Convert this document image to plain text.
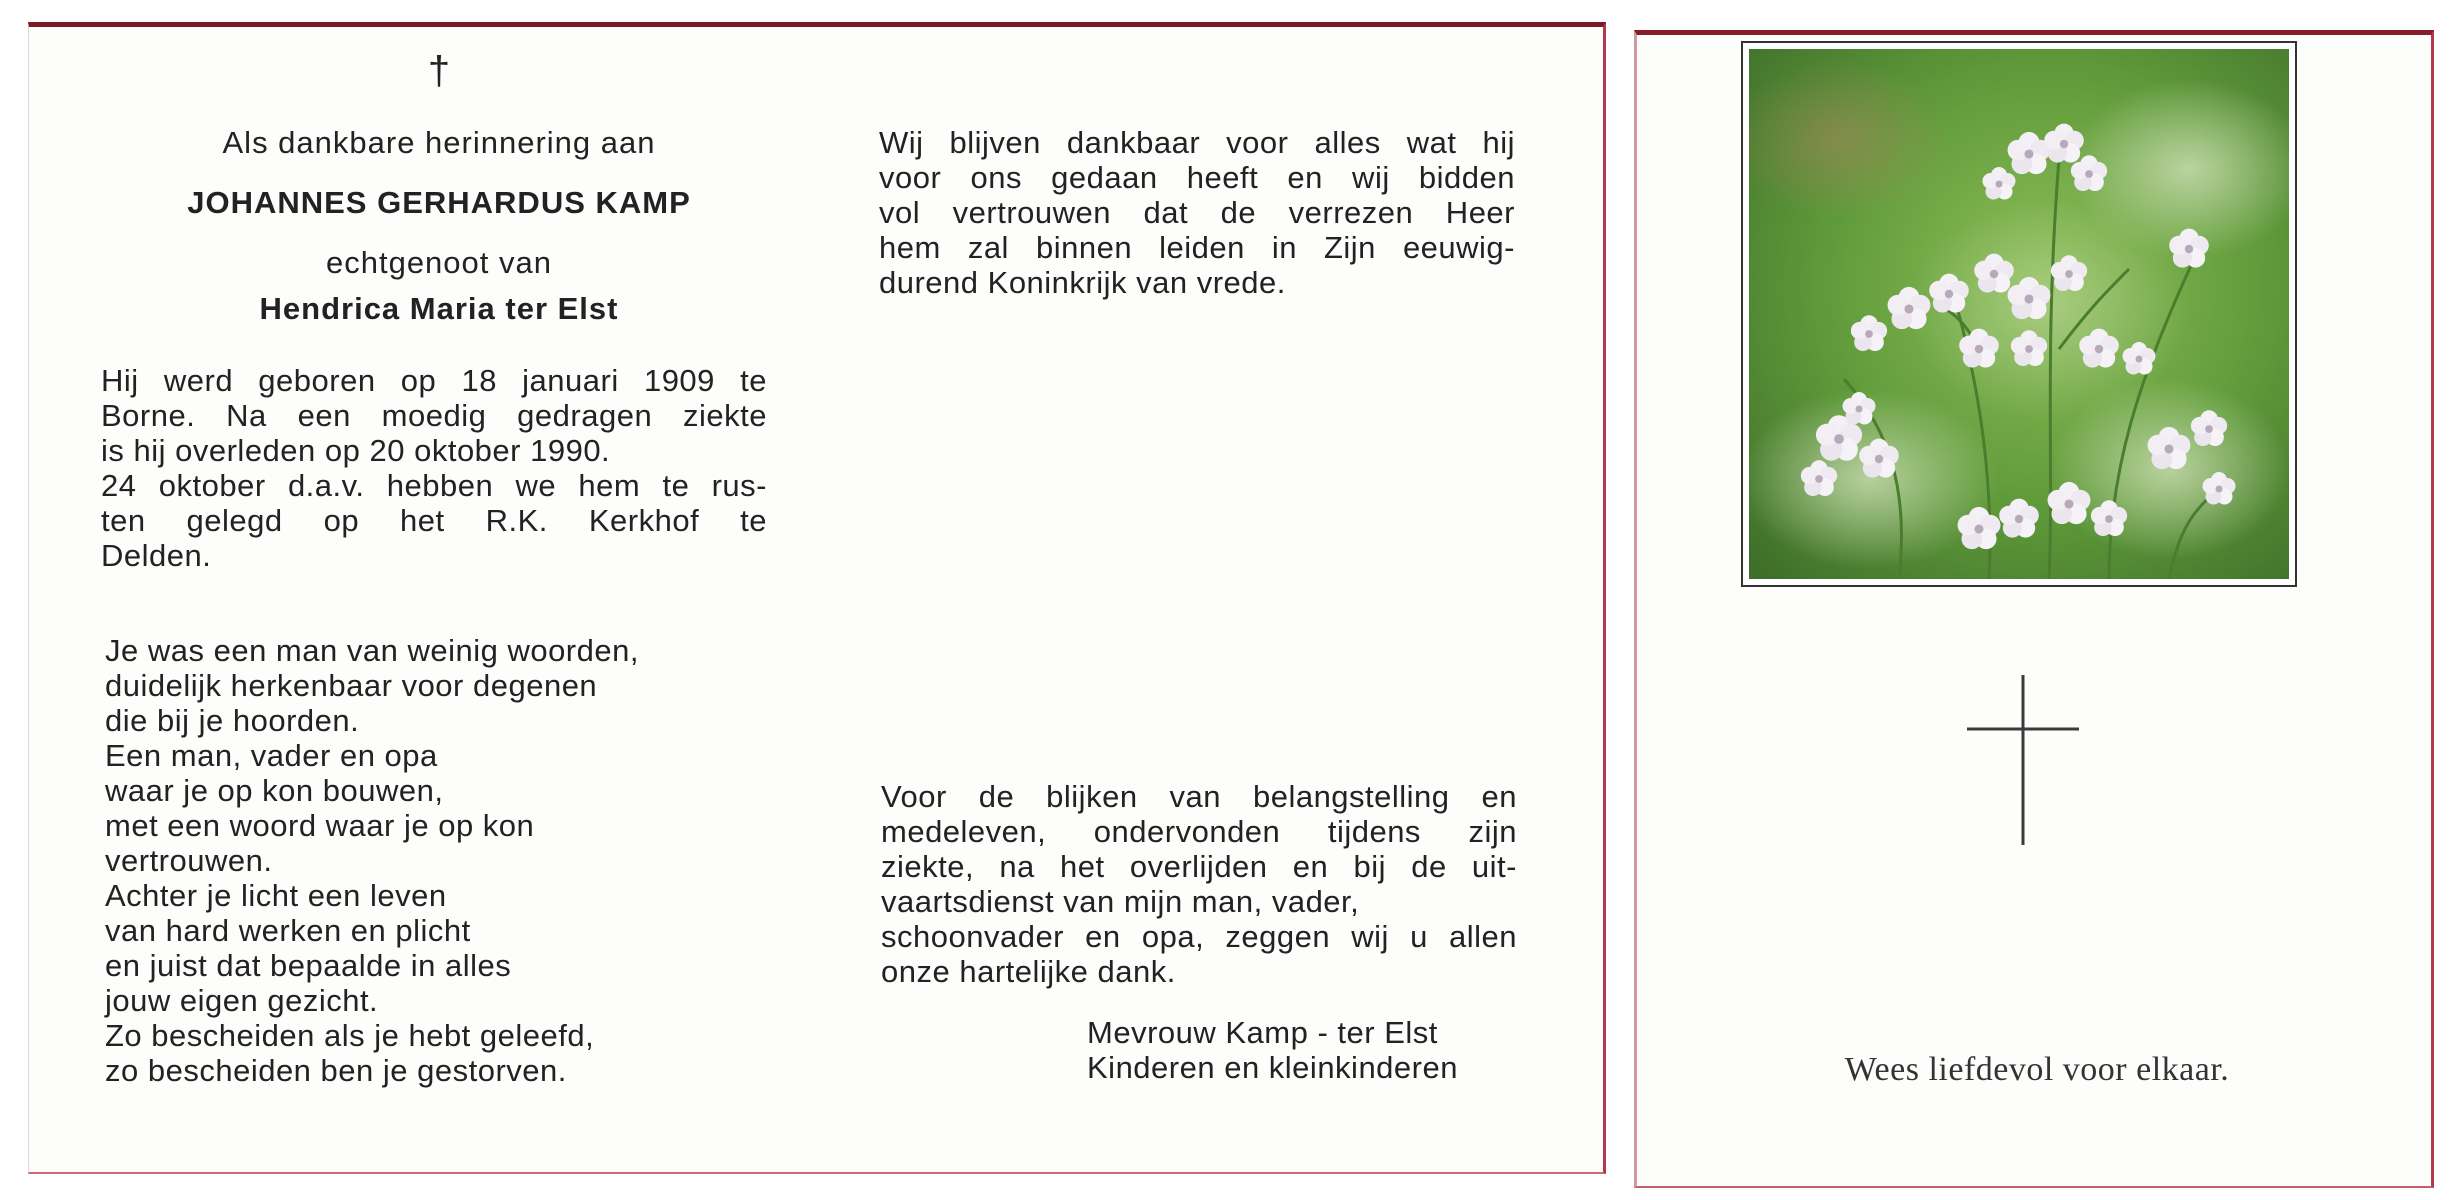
†

Als dankbare herinnering aan

JOHANNES GERHARDUS KAMP

echtgenoot van

Hendrica Maria ter Elst

Hij werd geboren op 18 januari 1909 te
Borne. Na een moedig gedragen ziekte
is hij overleden op 20 oktober 1990.
24 oktober d.a.v. hebben we hem te rus-
ten gelegd op het R.K. Kerkhof te
Delden.
Je was een man van weinig woorden,
duidelijk herkenbaar voor degenen
die bij je hoorden.
Een man, vader en opa
waar je op kon bouwen,
met een woord waar je op kon
vertrouwen.
Achter je licht een leven
van hard werken en plicht
en juist dat bepaalde in alles
jouw eigen gezicht.
Zo bescheiden als je hebt geleefd,
zo bescheiden ben je gestorven.
Wij blijven dankbaar voor alles wat hij
voor ons gedaan heeft en wij bidden
vol vertrouwen dat de verrezen Heer
hem zal binnen leiden in Zijn eeuwig-
durend Koninkrijk van vrede.
Voor de blijken van belangstelling en
medeleven, ondervonden tijdens zijn
ziekte, na het overlijden en bij de uit-
vaartsdienst van mijn man, vader,
schoonvader en opa, zeggen wij u allen
onze hartelijke dank.
Mevrouw Kamp - ter Elst
Kinderen en kleinkinderen	Wees liefdevol voor elkaar.
